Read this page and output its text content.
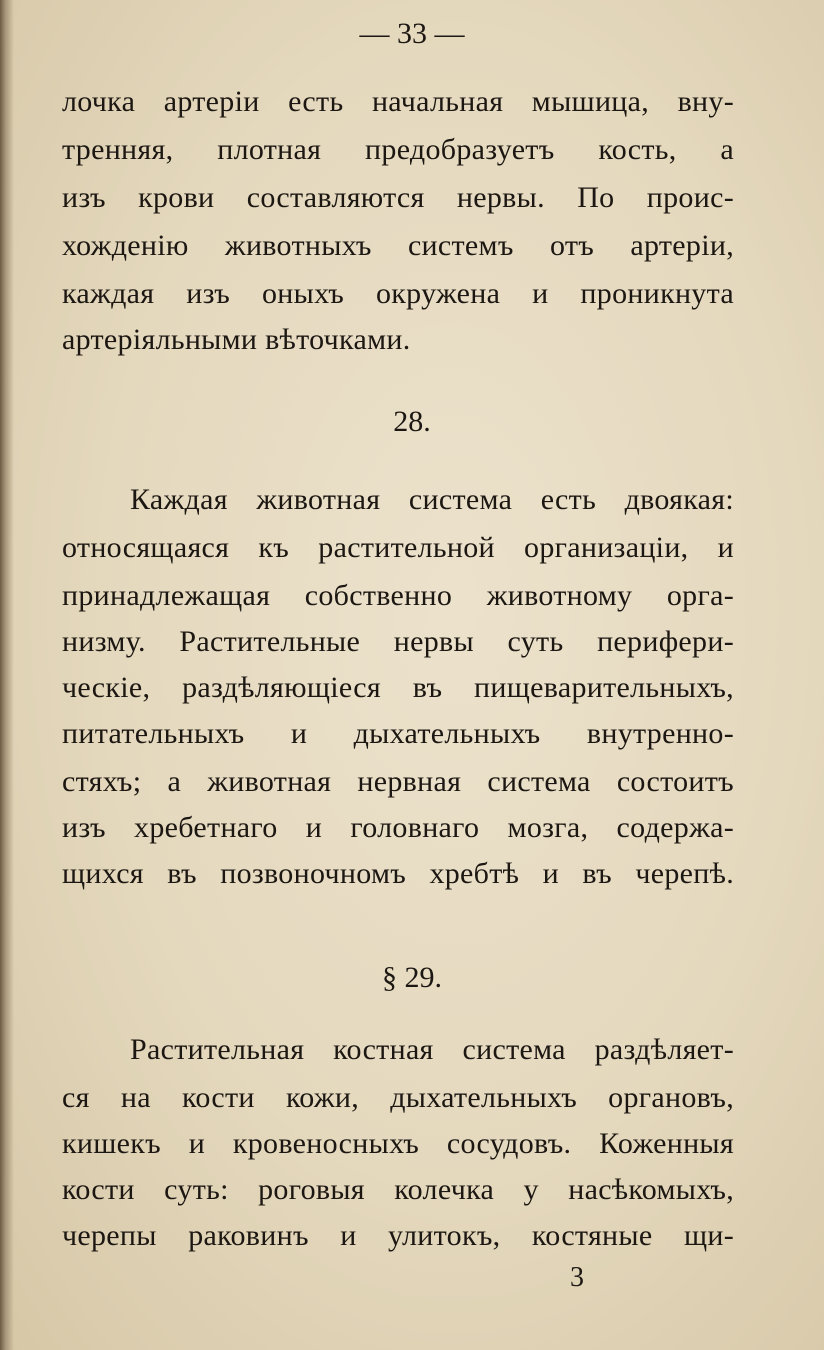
— 33 —
лочка артеріи есть начальная мышица, вну-
тренняя, плотная предобразуетъ кость, а
изъ крови составляются нервы. По проис-
хожденію животныхъ системъ отъ артеріи,
каждая изъ оныхъ окружена и проникнута
артеріяльными вѣточками.
28.
Каждая животная система есть двоякая:
относящаяся къ растительной организаціи, и
принадлежащая собственно животному орга-
низму. Растительные нервы суть перифери-
ческіе, раздѣляющіеся въ пищеварительныхъ,
питательныхъ и дыхательныхъ внутренно-
стяхъ; а животная нервная система состоитъ
изъ хребетнаго и головнаго мозга, содержа-
щихся въ позвоночномъ хребтѣ и въ черепѣ.
§ 29.
Растительная костная система раздѣляет-
ся на кости кожи, дыхательныхъ органовъ,
кишекъ и кровеносныхъ сосудовъ. Коженныя
кости суть: роговыя колечка у насѣкомыхъ,
черепы раковинъ и улитокъ, костяные щи-
3
